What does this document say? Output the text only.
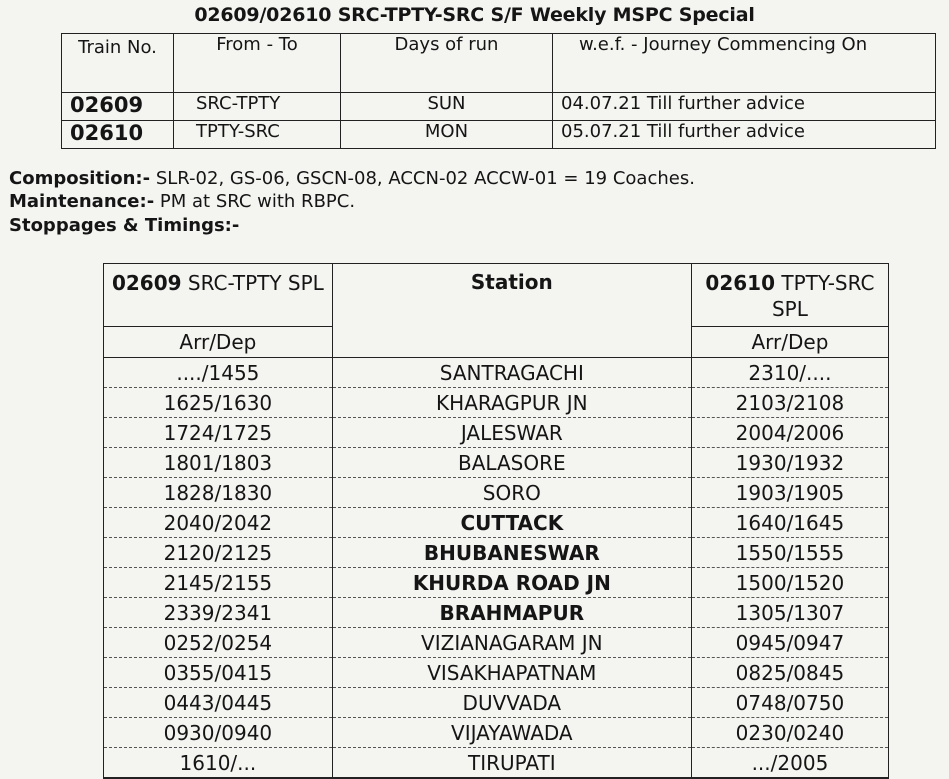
02609/02610 SRC-TPTY-SRC S/F Weekly MSPC Special
Train No.	From - To	Days of run	w.e.f. - Journey Commencing On
02609	SRC-TPTY	SUN	04.07.21 Till further advice
02610	TPTY-SRC	MON	05.07.21 Till further advice
Composition:- SLR-02, GS-06, GSCN-08, ACCN-02 ACCW-01 = 19 Coaches.
Maintenance:- PM at SRC with RBPC.
Stoppages & Timings:-
02609 SRC-TPTY SPL	Station	02610 TPTY-SRC SPL
Arr/Dep		Arr/Dep
..../1455	SANTRAGACHI	2310/....
1625/1630	KHARAGPUR JN	2103/2108
1724/1725	JALESWAR	2004/2006
1801/1803	BALASORE	1930/1932
1828/1830	SORO	1903/1905
2040/2042	CUTTACK	1640/1645
2120/2125	BHUBANESWAR	1550/1555
2145/2155	KHURDA ROAD JN	1500/1520
2339/2341	BRAHMAPUR	1305/1307
0252/0254	VIZIANAGARAM JN	0945/0947
0355/0415	VISAKHAPATNAM	0825/0845
0443/0445	DUVVADA	0748/0750
0930/0940	VIJAYAWADA	0230/0240
1610/...	TIRUPATI	.../2005
